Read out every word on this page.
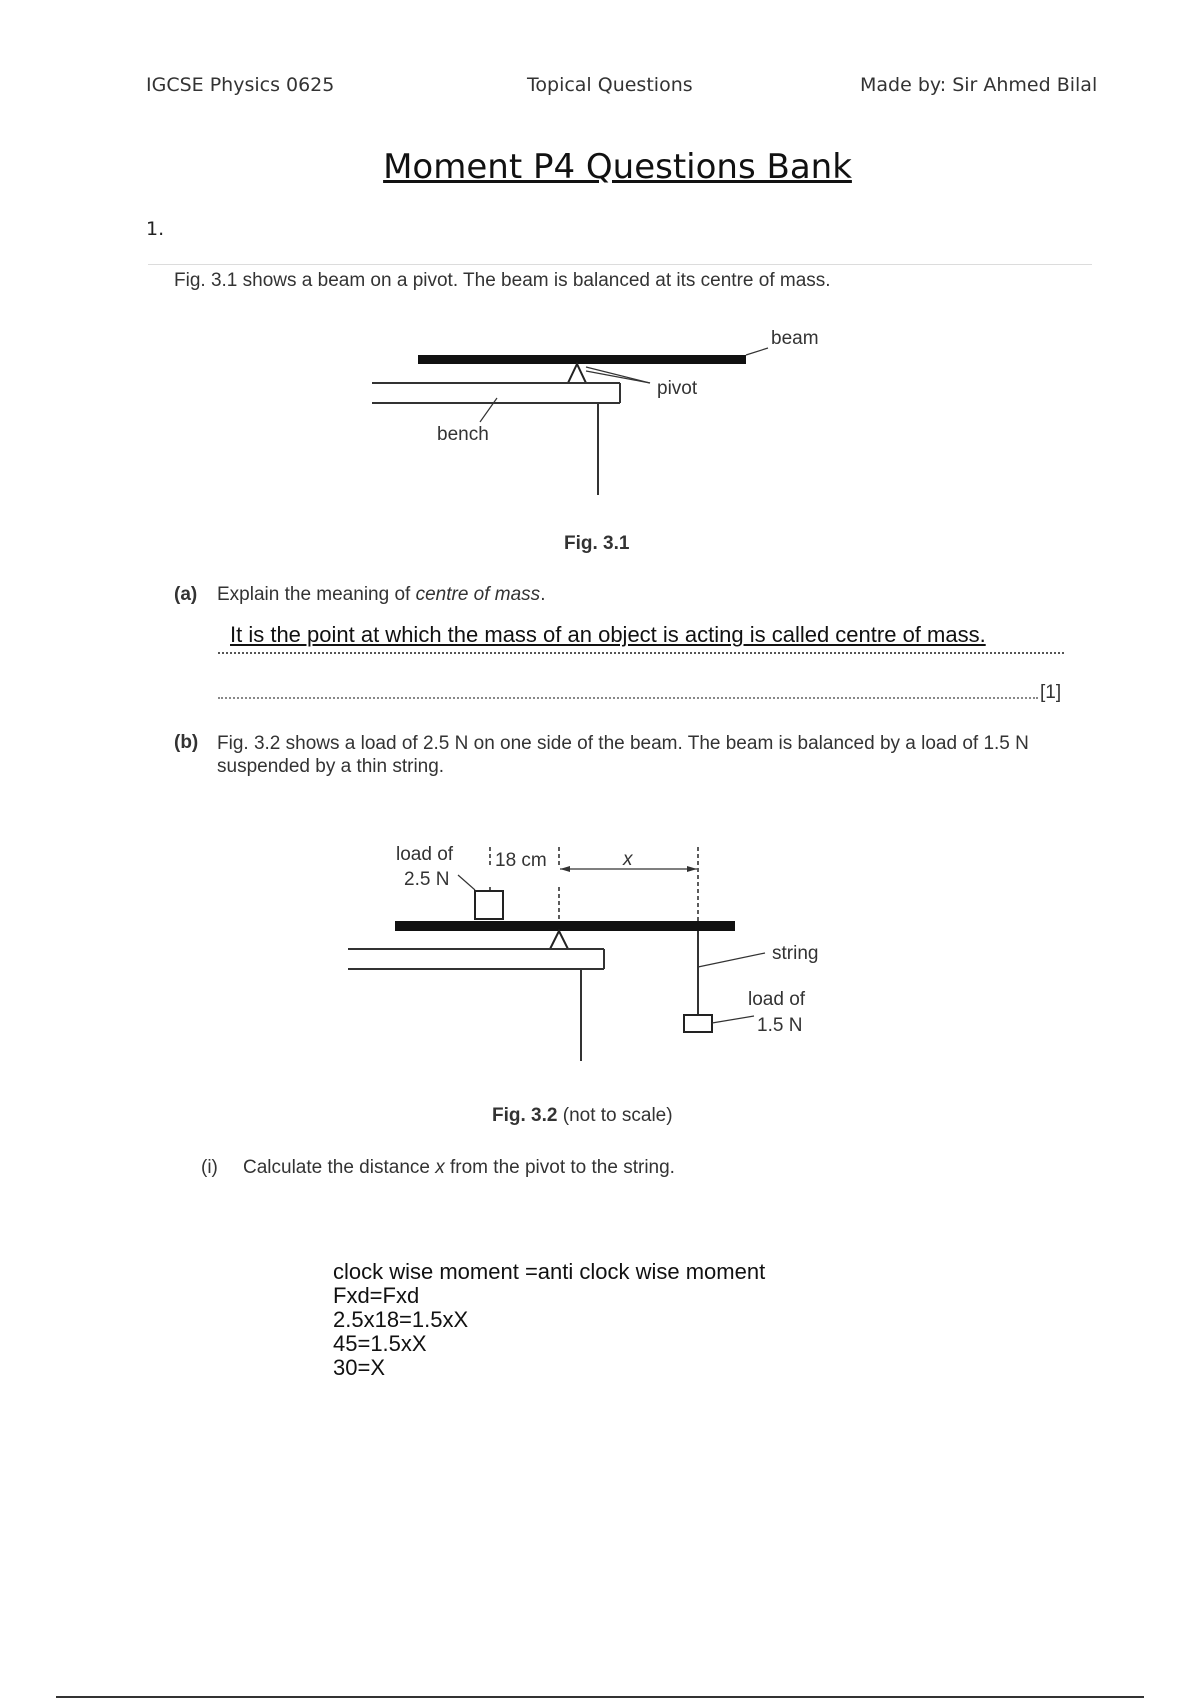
IGCSE Physics 0625	Topical Questions	Made by: Sir Ahmed Bilal
Moment P4 Questions Bank
1.
Fig. 3.1 shows a beam on a pivot. The beam is balanced at its centre of mass.
beam
pivot
bench
Fig. 3.1
(a) Explain the meaning of centre of mass.
It is the point at which the mass of an object is acting is called centre of mass.
[1]
(b) Fig. 3.2 shows a load of 2.5 N on one side of the beam. The beam is balanced by a load of 1.5 N suspended by a thin string.
load of
2.5 N
18 cm	x
string
load of
1.5 N
Fig. 3.2 (not to scale)
(i) Calculate the distance x from the pivot to the string.
clock wise moment =anti clock wise moment
Fxd=Fxd
2.5x18=1.5xX
45=1.5xX
30=X
